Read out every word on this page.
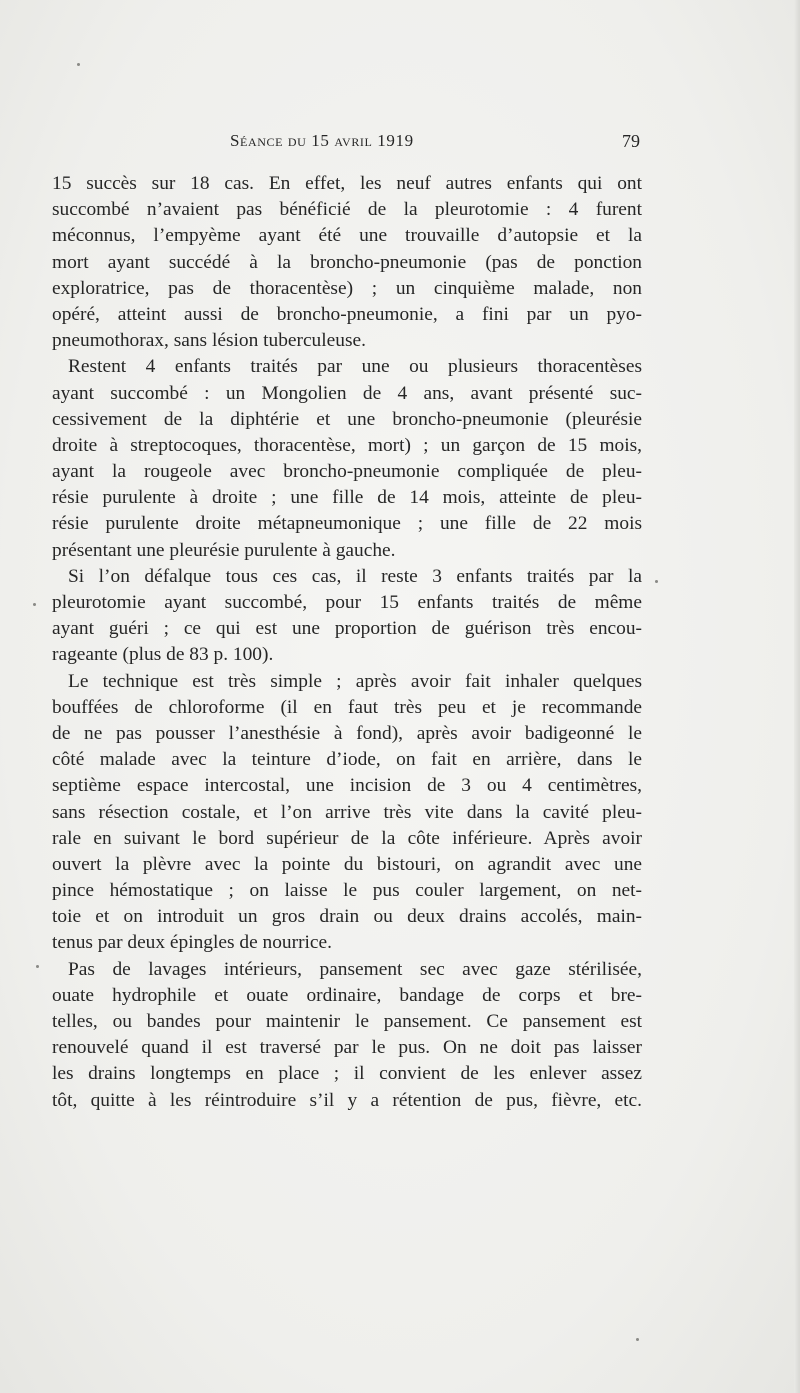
Séance du 15 avril 1919	79
15 succès sur 18 cas. En effet, les neuf autres enfants qui ont
succombé n’avaient pas bénéficié de la pleurotomie : 4 furent
méconnus, l’empyème ayant été une trouvaille d’autopsie et la
mort ayant succédé à la broncho-pneumonie (pas de ponction
exploratrice, pas de thoracentèse) ; un cinquième malade, non
opéré, atteint aussi de broncho-pneumonie, a fini par un pyo-
pneumothorax, sans lésion tuberculeuse.
Restent 4 enfants traités par une ou plusieurs thoracentèses
ayant succombé : un Mongolien de 4 ans, avant présenté suc-
cessivement de la diphtérie et une broncho-pneumonie (pleurésie
droite à streptocoques, thoracentèse, mort) ; un garçon de 15 mois,
ayant la rougeole avec broncho-pneumonie compliquée de pleu-
résie purulente à droite ; une fille de 14 mois, atteinte de pleu-
résie purulente droite métapneumonique ; une fille de 22 mois
présentant une pleurésie purulente à gauche.
Si l’on défalque tous ces cas, il reste 3 enfants traités par la
pleurotomie ayant succombé, pour 15 enfants traités de même
ayant guéri ; ce qui est une proportion de guérison très encou-
rageante (plus de 83 p. 100).
Le technique est très simple ; après avoir fait inhaler quelques
bouffées de chloroforme (il en faut très peu et je recommande
de ne pas pousser l’anesthésie à fond), après avoir badigeonné le
côté malade avec la teinture d’iode, on fait en arrière, dans le
septième espace intercostal, une incision de 3 ou 4 centimètres,
sans résection costale, et l’on arrive très vite dans la cavité pleu-
rale en suivant le bord supérieur de la côte inférieure. Après avoir
ouvert la plèvre avec la pointe du bistouri, on agrandit avec une
pince hémostatique ; on laisse le pus couler largement, on net-
toie et on introduit un gros drain ou deux drains accolés, main-
tenus par deux épingles de nourrice.
Pas de lavages intérieurs, pansement sec avec gaze stérilisée,
ouate hydrophile et ouate ordinaire, bandage de corps et bre-
telles, ou bandes pour maintenir le pansement. Ce pansement est
renouvelé quand il est traversé par le pus. On ne doit pas laisser
les drains longtemps en place ; il convient de les enlever assez
tôt, quitte à les réintroduire s’il y a rétention de pus, fièvre, etc.
